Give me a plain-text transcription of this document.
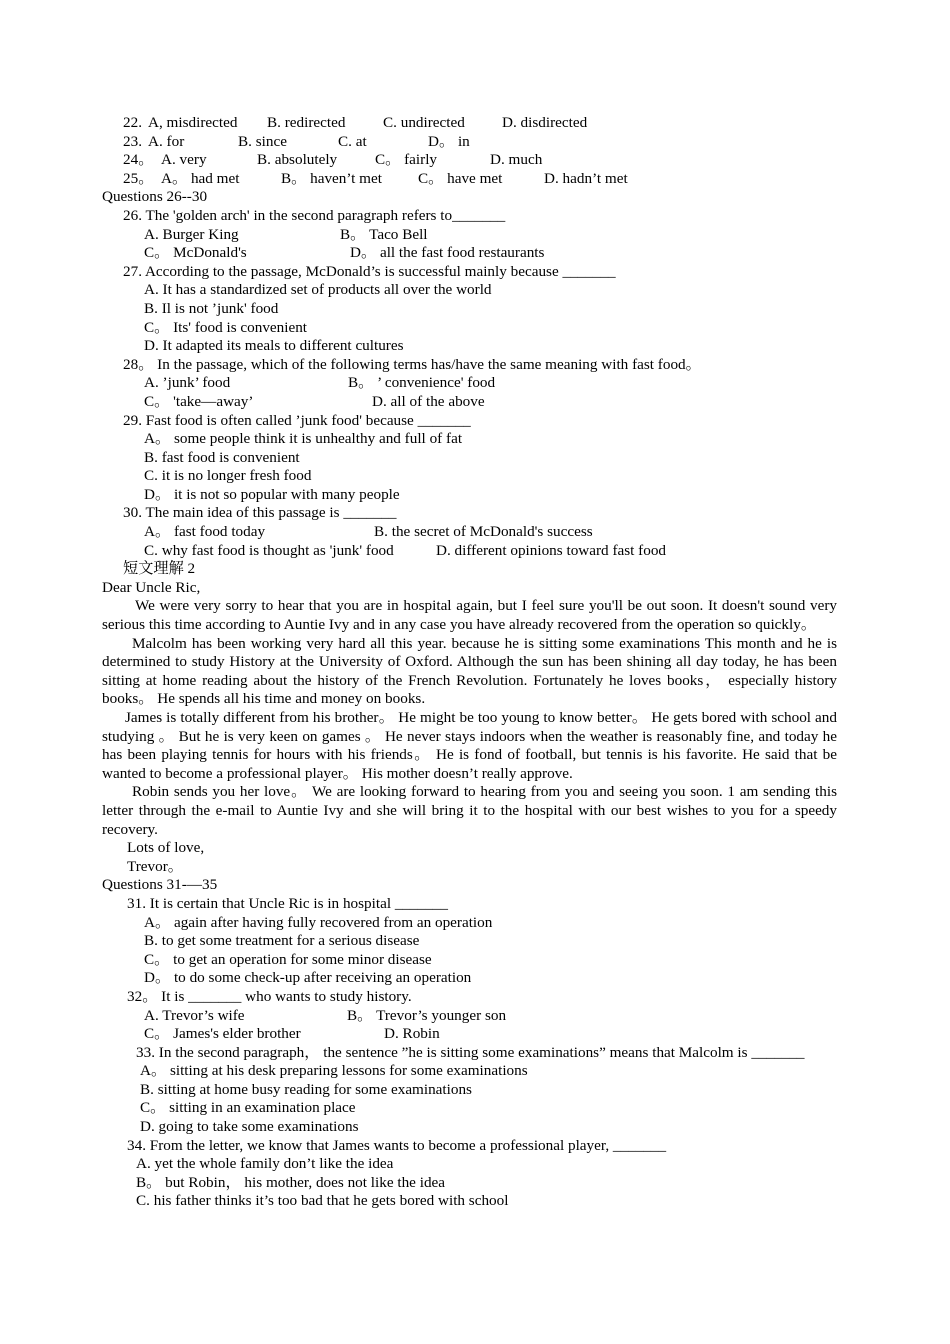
22. A, misdirected B. redirected C. undirected D. disdirected
23. A. for	B. since	C. at	D。 in
24。 A. very	B. absolutely C。 fairly	D. much
25。 A。 had met	B。 haven’t met C。 have met	D. hadn’t met
Questions 26--30
26. The 'golden arch' in the second paragraph refers to_______
A. Burger King	B。 Taco Bell
C。 McDonald's	D。 all the fast food restaurants
27. According to the passage, McDonald’s is successful mainly because _______
A. It has a standardized set of products all over the world
B. Il is not ’junk' food
C。 Its' food is convenient
D. It adapted its meals to different cultures
28。 In the passage, which of the following terms has/have the same meaning with fast food。
A. ’junk’ food	B。 ’ convenience' food
C。 'take—away’	D. all of the above
29. Fast food is often called ’junk food' because _______
A。 some people think it is unhealthy and full of fat
B. fast food is convenient
C. it is no longer fresh food
D。 it is not so popular with many people
30. The main idea of this passage is _______
A。 fast food today	B. the secret of McDonald's success
C. why fast food is thought as 'junk' food	D. different opinions toward fast food
短文理解 2
Dear Uncle Ric,
We were very sorry to hear that you are in hospital again, but I feel sure you'll be out soon. It doesn't sound very serious this time according to Auntie Ivy and in any case you have already recovered from the operation so quickly。
Malcolm has been working very hard all this year. because he is sitting some examinations This month and he is determined to study History at the University of Oxford. Although the sun has been shining all day today, he has been sitting at home reading about the history of the French Revolution. Fortunately he loves books， especially history books。 He spends all his time and money on books.
James is totally different from his brother。 He might be too young to know better。 He gets bored with school and studying 。 But he is very keen on games 。 He never stays indoors when the weather is reasonably fine, and today he has been playing tennis for hours with his friends。 He is fond of football, but tennis is his favorite. He said that be wanted to become a professional player。 His mother doesn’t really approve.
Robin sends you her love。 We are looking forward to hearing from you and seeing you soon. 1 am sending this letter through the e-mail to Auntie Ivy and she will bring it to the hospital with our best wishes to you for a speedy recovery.
Lots of love,
Trevor。
Questions 31-—35
31. It is certain that Uncle Ric is in hospital _______
A。 again after having fully recovered from an operation
B. to get some treatment for a serious disease
C。 to get an operation for some minor disease
D。 to do some check-up after receiving an operation
32。 It is _______ who wants to study history.
A. Trevor’s wife	B。 Trevor’s younger son
C。 James's elder brother	D. Robin
33. In the second paragraph， the sentence ”he is sitting some examinations” means that Malcolm is _______
A。 sitting at his desk preparing lessons for some examinations
B. sitting at home busy reading for some examinations
C。 sitting in an examination place
D. going to take some examinations
34. From the letter, we know that James wants to become a professional player, _______
A. yet the whole family don’t like the idea
B。 but Robin， his mother, does not like the idea
C. his father thinks it’s too bad that he gets bored with school
